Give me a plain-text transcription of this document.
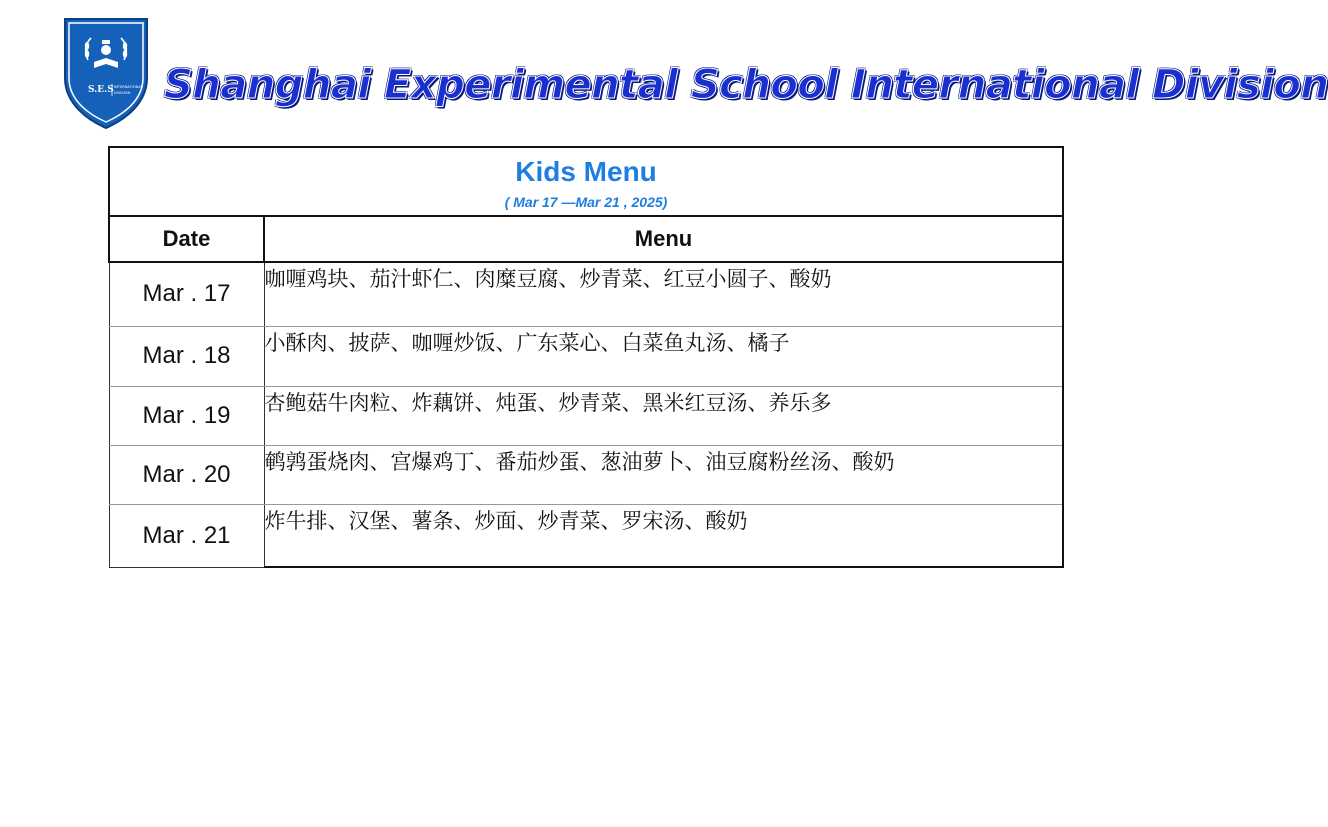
S.E.S INTERNATIONAL
DIVISION Shanghai Experimental School International Division
Kids Menu
( Mar 17 —Mar 21 , 2025)	

Date	Menu
Mar . 17	咖喱鸡块、茄汁虾仁、肉糜豆腐、炒青菜、红豆小圆子、酸奶
Mar . 18	小酥肉、披萨、咖喱炒饭、广东菜心、白菜鱼丸汤、橘子
Mar . 19	杏鲍菇牛肉粒、炸藕饼、炖蛋、炒青菜、黑米红豆汤、养乐多
Mar . 20	鹌鹑蛋烧肉、宫爆鸡丁、番茄炒蛋、葱油萝卜、油豆腐粉丝汤、酸奶
Mar . 21	炸牛排、汉堡、薯条、炒面、炒青菜、罗宋汤、酸奶
